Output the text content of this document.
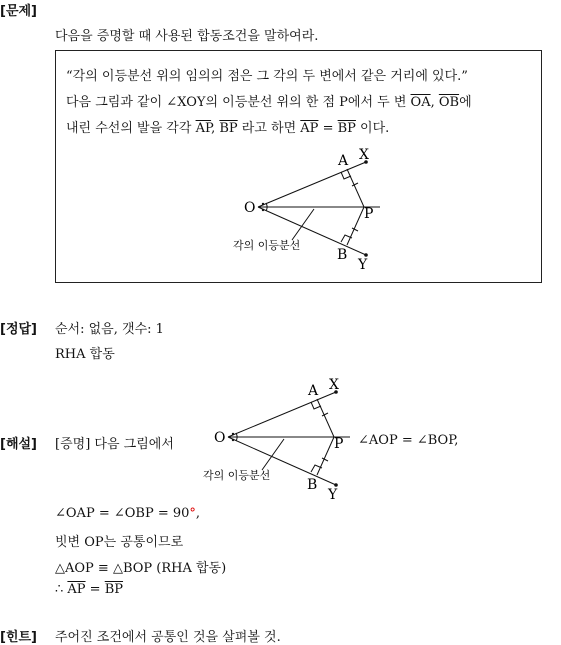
[문제]
다음을 증명할 때 사용된 합동조건을 말하여라.
“각의 이등분선 위의 임의의 점은 그 각의 두 변에서 같은 거리에 있다.”
다음 그림과 같이 ∠XOY의 이등분선 위의 한 점 P에서 두 변 $\overline{OA}$, $\overline{OB}$에
내린 수선의 발을 각각 $\overline{AP}$, $\overline{BP}$ 라고 하면 $\overline{AP} = \overline{BP}$ 이다.
O
A X
P
B
Y
각의 이등분선
[정답] 순서: 없음, 갯수: 1
RHA 합동
[해설] [증명] 다음 그림에서	∠AOP = ∠BOP,
O
A X
P
B
Y
각의 이등분선
∠OAP = ∠OBP = 90°,
빗변 OP는 공통이므로
△AOP ≡ △BOP (RHA 합동)
∴ $\overline{AP} = \overline{BP}$
[힌트] 주어진 조건에서 공통인 것을 살펴볼 것.
